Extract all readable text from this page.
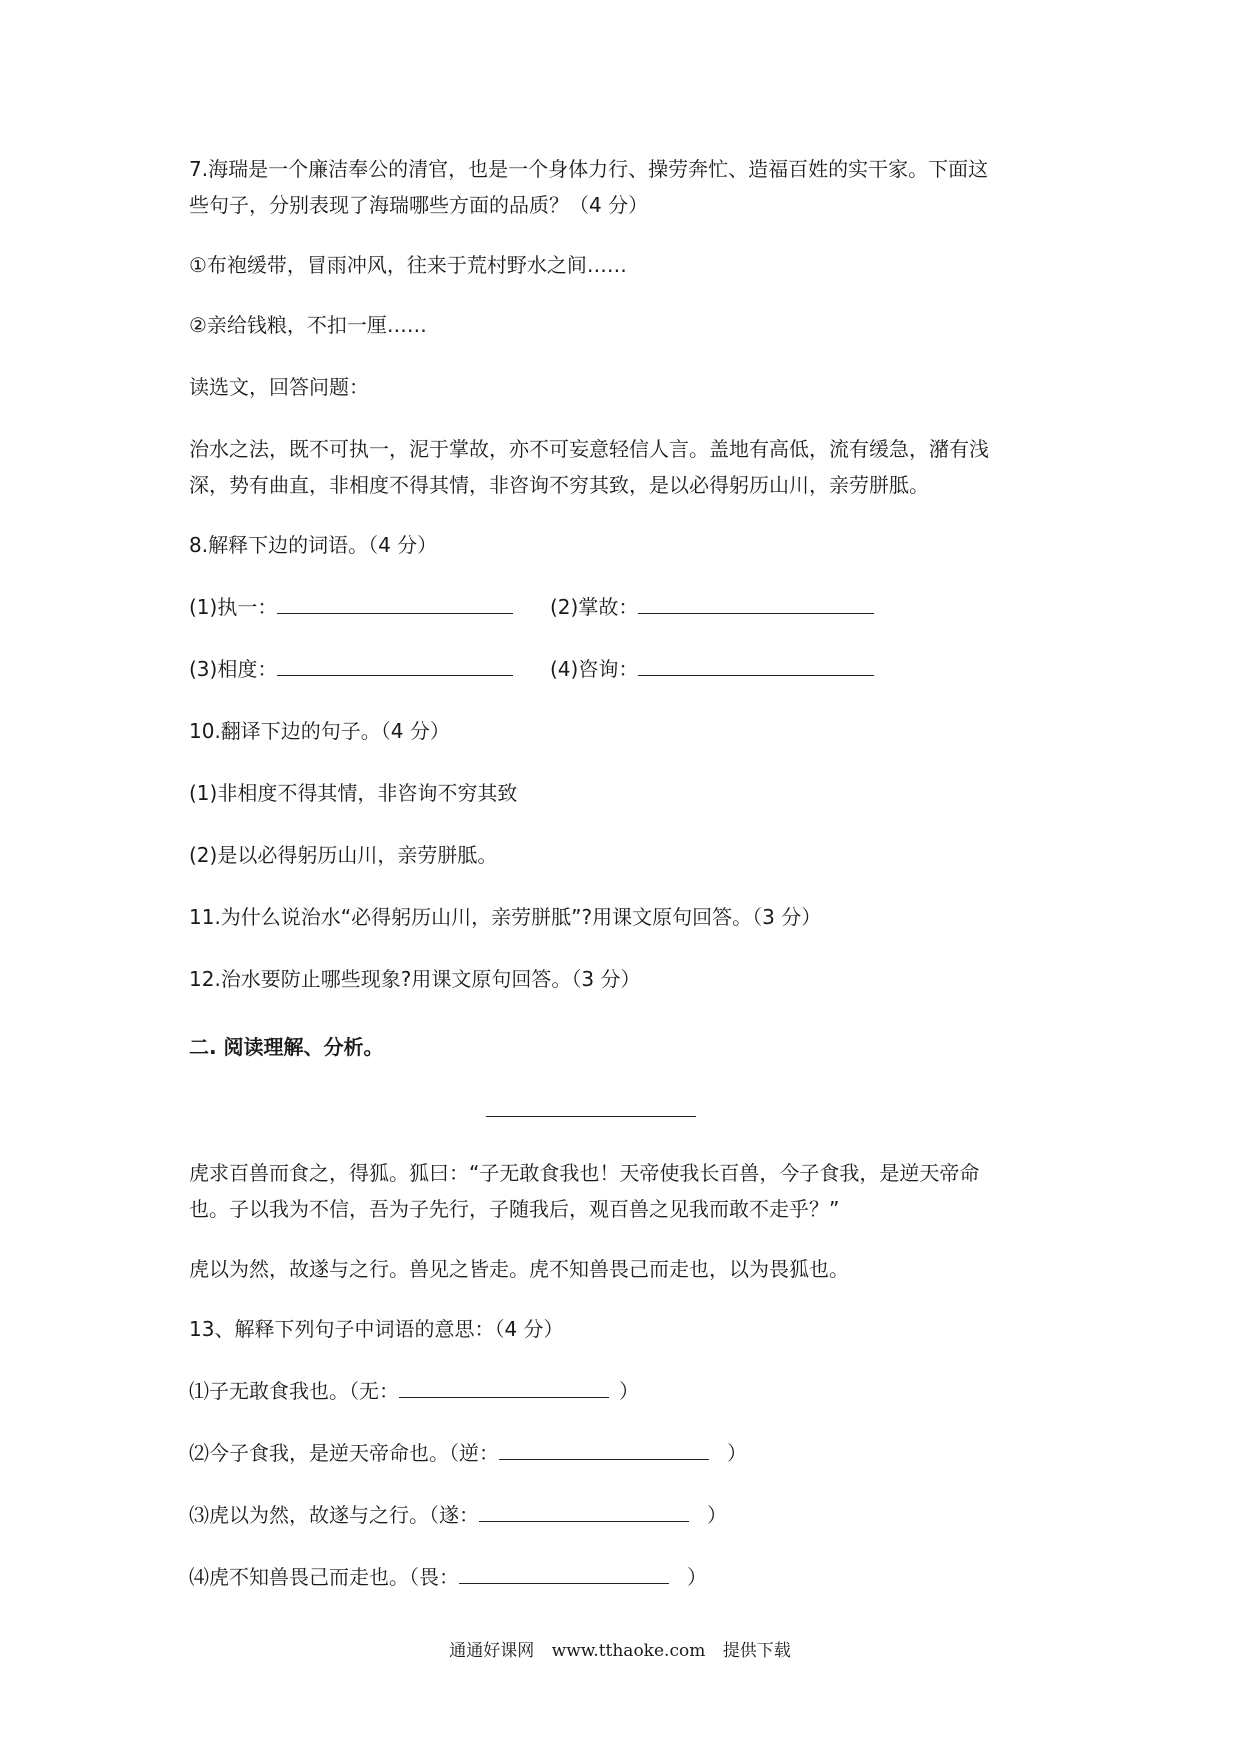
7.海瑞是一个廉洁奉公的清官，也是一个身体力行、操劳奔忙、造福百姓的实干家。下面这
些句子，分别表现了海瑞哪些方面的品质？（4 分）
①布袍缓带，冒雨冲风，往来于荒村野水之间……
②亲给钱粮，不扣一厘……
读选文，回答问题：
治水之法，既不可执一，泥于掌故，亦不可妄意轻信人言。盖地有高低，流有缓急，潴有浅
深，势有曲直，非相度不得其情，非咨询不穷其致，是以必得躬历山川，亲劳胼胝。
8.解释下边的词语。（4 分）
(1)执一：	(2)掌故：
(3)相度：	(4)咨询：
10.翻译下边的句子。（4 分）
(1)非相度不得其情，非咨询不穷其致
(2)是以必得躬历山川，亲劳胼胝。
11.为什么说治水“必得躬历山川，亲劳胼胝”?用课文原句回答。（3 分）
12.治水要防止哪些现象?用课文原句回答。（3 分）
二. 阅读理解、分析。
虎求百兽而食之，得狐。狐曰：“子无敢食我也！天帝使我长百兽，今子食我，是逆天帝命
也。子以我为不信，吾为子先行，子随我后，观百兽之见我而敢不走乎？”
虎以为然，故遂与之行。兽见之皆走。虎不知兽畏己而走也，以为畏狐也。
13、解释下列句子中词语的意思：（4 分）
⑴子无敢食我也。（无：	）
⑵今子食我，是逆天帝命也。（逆：	）
⑶虎以为然，故遂与之行。（遂：	）
⑷虎不知兽畏己而走也。（畏：	）
通通好课网 www.tthaoke.com 提供下载
